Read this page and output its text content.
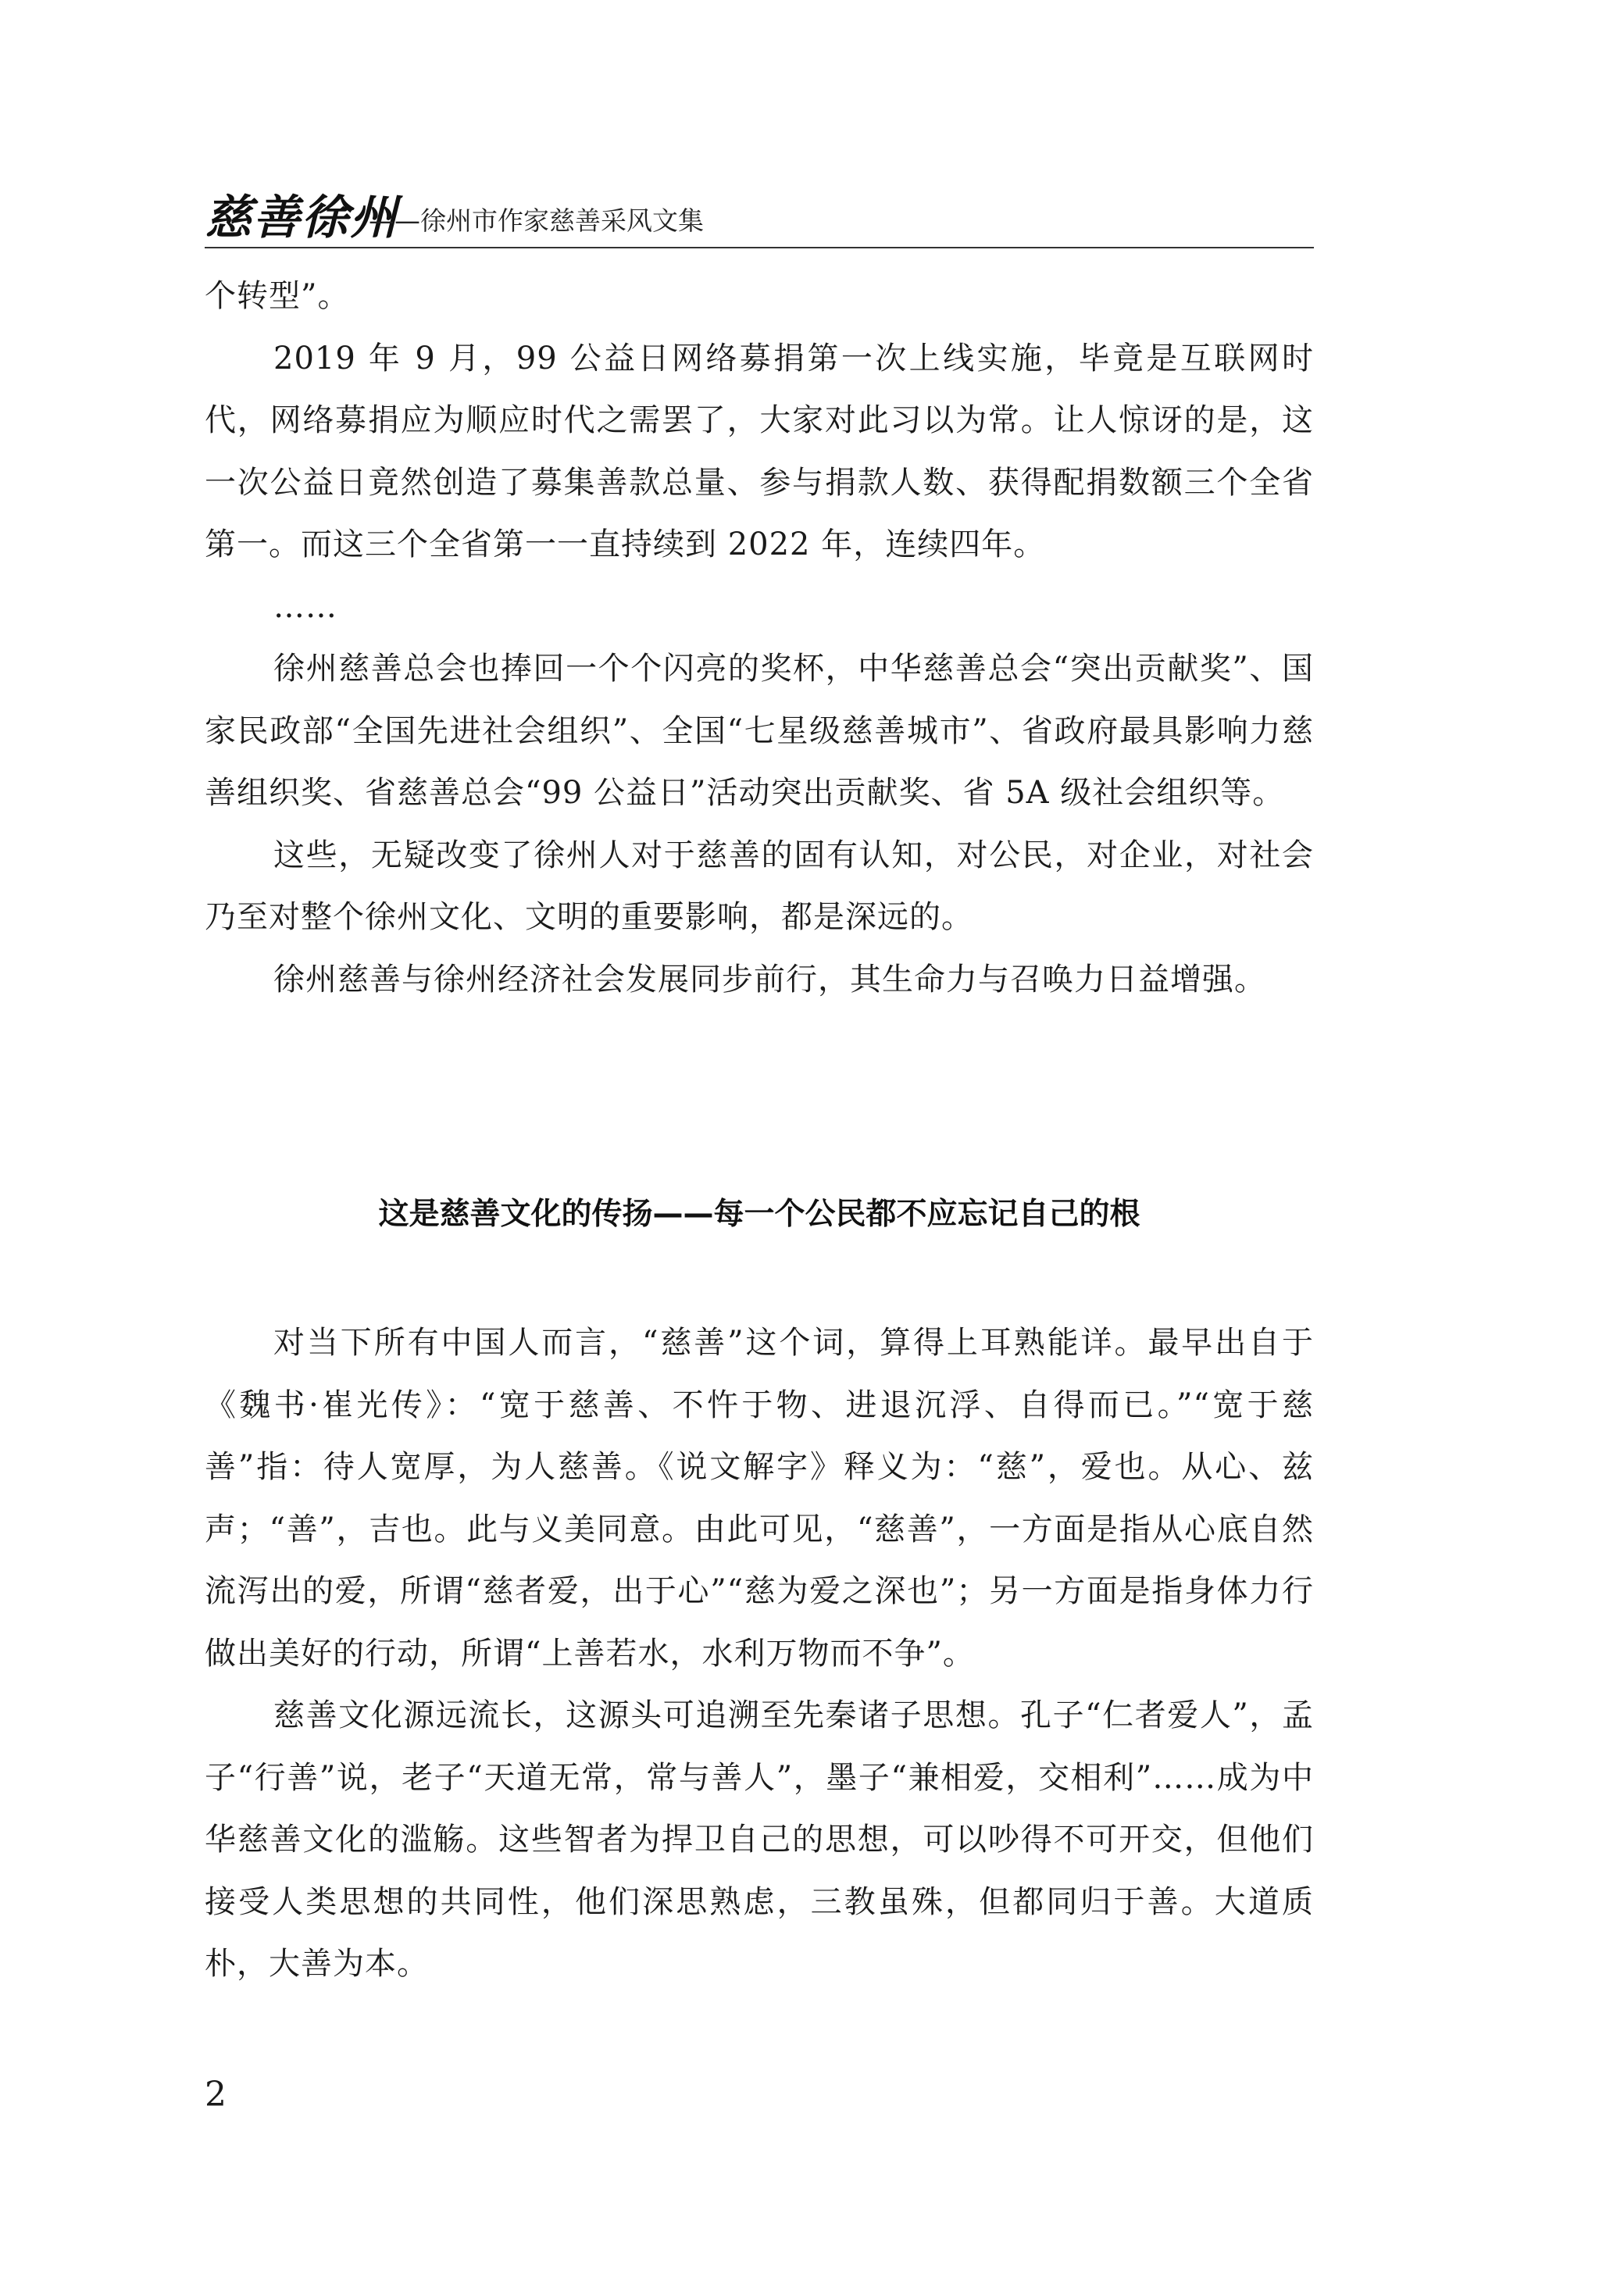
慈善徐州
——徐州市作家慈善采风文集

个转型”。

2019 年 9 月，99 公益日网络募捐第一次上线实施，毕竟是互联网时代，网络募捐应为顺应时代之需罢了，大家对此习以为常。让人惊讶的是，这一次公益日竟然创造了募集善款总量、参与捐款人数、获得配捐数额三个全省第一。而这三个全省第一一直持续到 2022 年，连续四年。

……

徐州慈善总会也捧回一个个闪亮的奖杯，中华慈善总会“突出贡献奖”、国家民政部“全国先进社会组织”、全国“七星级慈善城市”、省政府最具影响力慈善组织奖、省慈善总会“99 公益日”活动突出贡献奖、省 5A 级社会组织等。

这些，无疑改变了徐州人对于慈善的固有认知，对公民，对企业，对社会乃至对整个徐州文化、文明的重要影响，都是深远的。

徐州慈善与徐州经济社会发展同步前行，其生命力与召唤力日益增强。

这是慈善文化的传扬——每一个公民都不应忘记自己的根

对当下所有中国人而言，“慈善”这个词，算得上耳熟能详。最早出自于《魏书·崔光传》：“宽于慈善、不忤于物、进退沉浮、自得而已。”“宽于慈善”指：待人宽厚，为人慈善。《说文解字》释义为：“慈”，爱也。从心、兹声；“善”，吉也。此与义美同意。由此可见，“慈善”，一方面是指从心底自然流泻出的爱，所谓“慈者爱，出于心”“慈为爱之深也”；另一方面是指身体力行做出美好的行动，所谓“上善若水，水利万物而不争”。

慈善文化源远流长，这源头可追溯至先秦诸子思想。孔子“仁者爱人”，孟子“行善”说，老子“天道无常，常与善人”，墨子“兼相爱，交相利”……成为中华慈善文化的滥觞。这些智者为捍卫自己的思想，可以吵得不可开交，但他们接受人类思想的共同性，他们深思熟虑，三教虽殊，但都同归于善。大道质朴，大善为本。

2
